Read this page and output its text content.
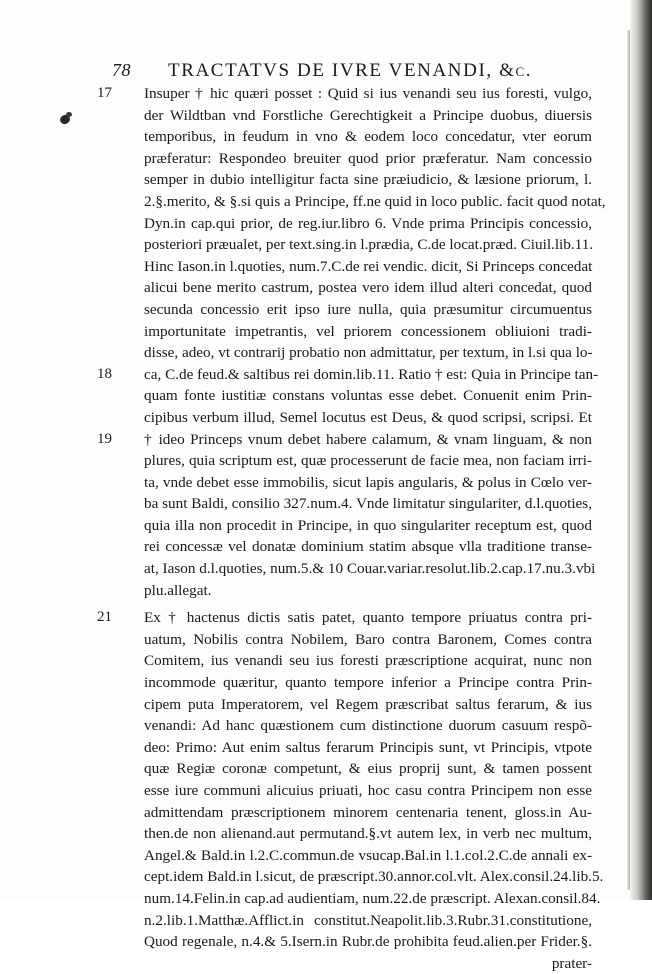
78	TRACTATVS DE IVRE VENANDI, &c.
17	Insuper † hic quæri posset : Quid si ius venandi seu ius foresti, vulgo,
der Wildtban vnd Forstliche Gerechtigkeit a Principe duobus, diuersis
temporibus, in feudum in vno & eodem loco concedatur, vter eorum
præferatur: Respondeo breuiter quod prior præferatur. Nam concessio
semper in dubio intelligitur facta sine præiudicio, & læsione priorum, l.
2.§.merito, & §.si quis a Principe, ff.ne quid in loco public. facit quod notat,
Dyn.in cap.qui prior, de reg.iur.libro 6. Vnde prima Principis concessio,
posteriori præualet, per text.sing.in l.prædia, C.de locat.præd. Ciuil.lib.11.
Hinc Iason.in l.quoties, num.7.C.de rei vendic. dicit, Si Princeps concedat
alicui bene merito castrum, postea vero idem illud alteri concedat, quod
secunda concessio erit ipso iure nulla, quia præsumitur circumuentus
importunitate impetrantis, vel priorem concessionem obliuioni tradi-
disse, adeo, vt contrarij probatio non admittatur, per textum, in l.si qua lo-
18	ca, C.de feud.& saltibus rei domin.lib.11. Ratio † est: Quia in Principe tan-
quam fonte iustitiæ constans voluntas esse debet. Conuenit enim Prin-
cipibus verbum illud, Semel locutus est Deus, & quod scripsi, scripsi. Et
19	† ideo Princeps vnum debet habere calamum, & vnam linguam, & non
plures, quia scriptum est, quæ processerunt de facie mea, non faciam irri-
ta, vnde debet esse immobilis, sicut lapis angularis, & polus in Cœlo ver-
ba sunt Baldi, consilio 327.num.4. Vnde limitatur singulariter, d.l.quoties,
quia illa non procedit in Principe, in quo singulariter receptum est, quod
rei concessæ vel donatæ dominium statim absque vlla traditione transe-
at, Iason d.l.quoties, num.5.& 10 Couar.variar.resolut.lib.2.cap.17.nu.3.vbi
plu.allegat.
21	Ex † hactenus dictis satis patet, quanto tempore priuatus contra pri-
uatum, Nobilis contra Nobilem, Baro contra Baronem, Comes contra
Comitem, ius venandi seu ius foresti præscriptione acquirat, nunc non
incommode quæritur, quanto tempore inferior a Principe contra Prin-
cipem puta Imperatorem, vel Regem præscribat saltus ferarum, & ius
venandi: Ad hanc quæstionem cum distinctione duorum casuum respõ-
deo: Primo: Aut enim saltus ferarum Principis sunt, vt Principis, vtpote
quæ Regiæ coronæ competunt, & eius proprij sunt, & tamen possent
esse iure communi alicuius priuati, hoc casu contra Principem non esse
admittendam præscriptionem minorem centenaria tenent, gloss.in Au-
then.de non alienand.aut permutand.§.vt autem lex, in verb nec multum,
Angel.& Bald.in l.2.C.commun.de vsucap.Bal.in l.1.col.2.C.de annali ex-
cept.idem Bald.in l.sicut, de præscript.30.annor.col.vlt. Alex.consil.24.lib.5.
num.14.Felin.in cap.ad audientiam, num.22.de præscript. Alexan.consil.84.
n.2.lib.1.Matthæ.Afflict.in constitut.Neapolit.lib.3.Rubr.31.constitutione,
Quod regenale, n.4.& 5.Isern.in Rubr.de prohibita feud.alien.per Frider.§.
prater-
